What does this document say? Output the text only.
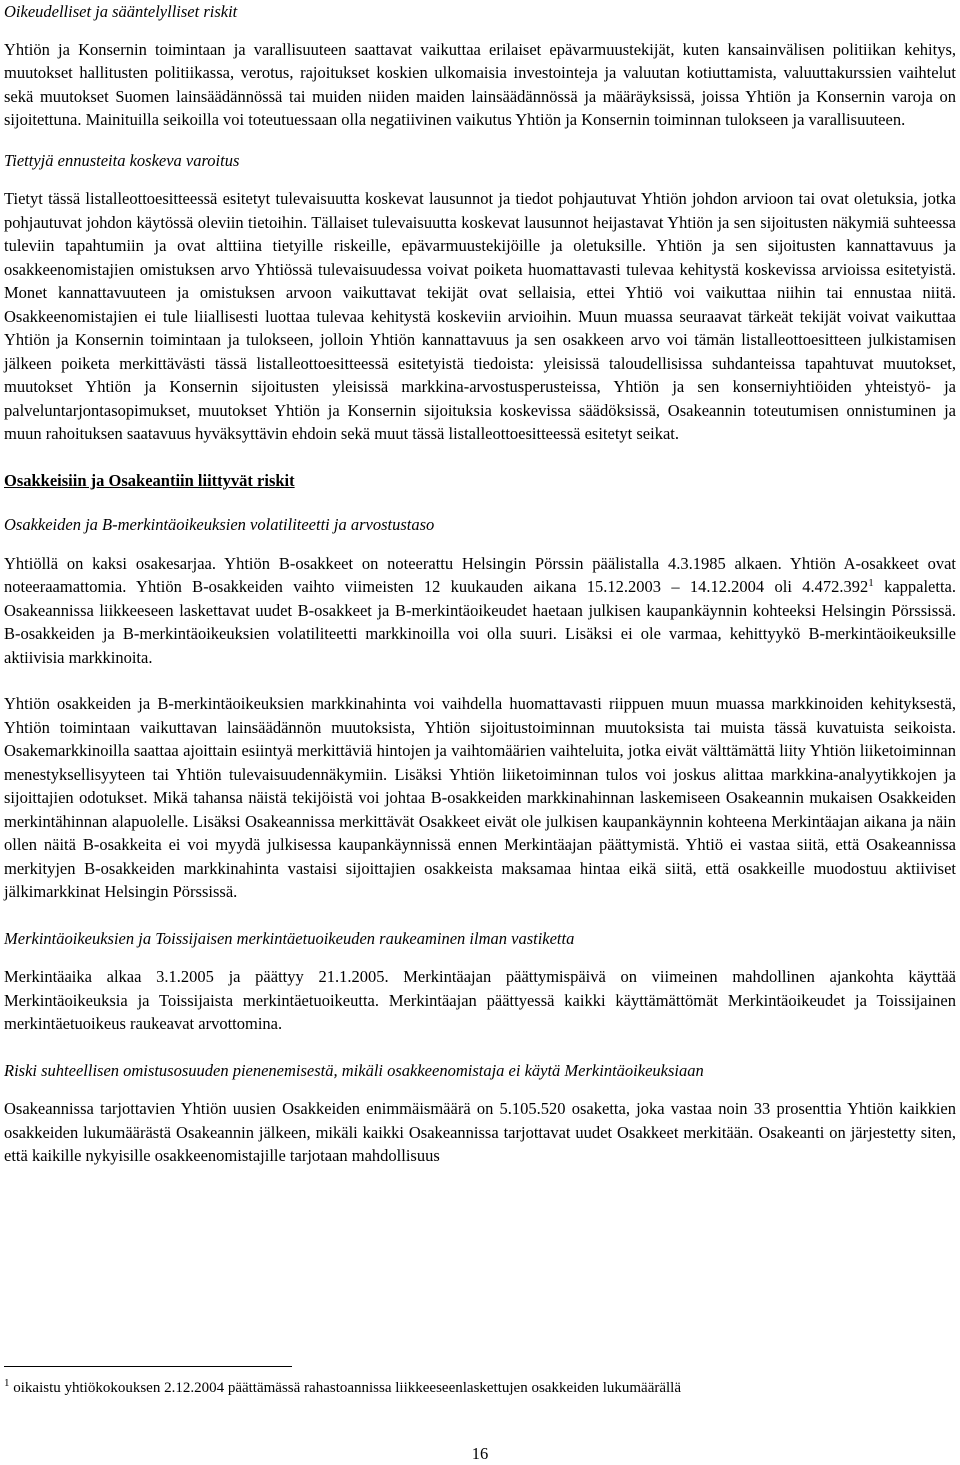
Oikeudelliset ja sääntelylliset riskit

Yhtiön ja Konsernin toimintaan ja varallisuuteen saattavat vaikuttaa erilaiset epävarmuustekijät, kuten kansainvälisen politiikan kehitys, muutokset hallitusten politiikassa, verotus, rajoitukset koskien ulkomaisia investointeja ja valuutan kotiuttamista, valuuttakurssien vaihtelut sekä muutokset Suomen lainsäädännössä tai muiden niiden maiden lainsäädännössä ja määräyksissä, joissa Yhtiön ja Konsernin varoja on sijoitettuna. Mainituilla seikoilla voi toteutuessaan olla negatiivinen vaikutus Yhtiön ja Konsernin toiminnan tulokseen ja varallisuuteen.

Tiettyjä ennusteita koskeva varoitus

Tietyt tässä listalleottoesitteessä esitetyt tulevaisuutta koskevat lausunnot ja tiedot pohjautuvat Yhtiön johdon arvioon tai ovat oletuksia, jotka pohjautuvat johdon käytössä oleviin tietoihin. Tällaiset tulevaisuutta koskevat lausunnot heijastavat Yhtiön ja sen sijoitusten näkymiä suhteessa tuleviin tapahtumiin ja ovat alttiina tietyille riskeille, epävarmuustekijöille ja oletuksille. Yhtiön ja sen sijoitusten kannattavuus ja osakkeenomistajien omistuksen arvo Yhtiössä tulevaisuudessa voivat poiketa huomattavasti tulevaa kehitystä koskevissa arvioissa esitetyistä. Monet kannattavuuteen ja omistuksen arvoon vaikuttavat tekijät ovat sellaisia, ettei Yhtiö voi vaikuttaa niihin tai ennustaa niitä. Osakkeenomistajien ei tule liiallisesti luottaa tulevaa kehitystä koskeviin arvioihin. Muun muassa seuraavat tärkeät tekijät voivat vaikuttaa Yhtiön ja Konsernin toimintaan ja tulokseen, jolloin Yhtiön kannattavuus ja sen osakkeen arvo voi tämän listalleottoesitteen julkistamisen jälkeen poiketa merkittävästi tässä listalleottoesitteessä esitetyistä tiedoista: yleisissä taloudellisissa suhdanteissa tapahtuvat muutokset, muutokset Yhtiön ja Konsernin sijoitusten yleisissä markkina-arvostusperusteissa, Yhtiön ja sen konserniyhtiöiden yhteistyö- ja palveluntarjontasopimukset, muutokset Yhtiön ja Konsernin sijoituksia koskevissa säädöksissä, Osakeannin toteutumisen onnistuminen ja muun rahoituksen saatavuus hyväksyttävin ehdoin sekä muut tässä listalleottoesitteessä esitetyt seikat.

Osakkeisiin ja Osakeantiin liittyvät riskit
Osakkeiden ja B-merkintäoikeuksien volatiliteetti ja arvostustaso

Yhtiöllä on kaksi osakesarjaa. Yhtiön B-osakkeet on noteerattu Helsingin Pörssin päälistalla 4.3.1985 alkaen. Yhtiön A-osakkeet ovat noteeraamattomia. Yhtiön B-osakkeiden vaihto viimeisten 12 kuukauden aikana 15.12.2003 – 14.12.2004 oli 4.472.392$^1$ kappaletta. Osakeannissa liikkeeseen laskettavat uudet B-osakkeet ja B-merkintäoikeudet haetaan julkisen kaupankäynnin kohteeksi Helsingin Pörssissä. B-osakkeiden ja B-merkintäoikeuksien volatiliteetti markkinoilla voi olla suuri. Lisäksi ei ole varmaa, kehittyykö B-merkintäoikeuksille aktiivisia markkinoita.

Yhtiön osakkeiden ja B-merkintäoikeuksien markkinahinta voi vaihdella huomattavasti riippuen muun muassa markkinoiden kehityksestä, Yhtiön toimintaan vaikuttavan lainsäädännön muutoksista, Yhtiön sijoitustoiminnan muutoksista tai muista tässä kuvatuista seikoista. Osakemarkkinoilla saattaa ajoittain esiintyä merkittäviä hintojen ja vaihtomäärien vaihteluita, jotka eivät välttämättä liity Yhtiön liiketoiminnan menestyksellisyyteen tai Yhtiön tulevaisuudennäkymiin. Lisäksi Yhtiön liiketoiminnan tulos voi joskus alittaa markkina-analyytikkojen ja sijoittajien odotukset. Mikä tahansa näistä tekijöistä voi johtaa B-osakkeiden markkinahinnan laskemiseen Osakeannin mukaisen Osakkeiden merkintähinnan alapuolelle. Lisäksi Osakeannissa merkittävät Osakkeet eivät ole julkisen kaupankäynnin kohteena Merkintäajan aikana ja näin ollen näitä B-osakkeita ei voi myydä julkisessa kaupankäynnissä ennen Merkintäajan päättymistä. Yhtiö ei vastaa siitä, että Osakeannissa merkityjen B-osakkeiden markkinahinta vastaisi sijoittajien osakkeista maksamaa hintaa eikä siitä, että osakkeille muodostuu aktiiviset jälkimarkkinat Helsingin Pörssissä.

Merkintäoikeuksien ja Toissijaisen merkintäetuoikeuden raukeaminen ilman vastiketta

Merkintäaika alkaa 3.1.2005 ja päättyy 21.1.2005. Merkintäajan päättymispäivä on viimeinen mahdollinen ajankohta käyttää Merkintäoikeuksia ja Toissijaista merkintäetuoikeutta. Merkintäajan päättyessä kaikki käyttämättömät Merkintäoikeudet ja Toissijainen merkintäetuoikeus raukeavat arvottomina.

Riski suhteellisen omistusosuuden pienenemisestä, mikäli osakkeenomistaja ei käytä Merkintäoikeuksiaan

Osakeannissa tarjottavien Yhtiön uusien Osakkeiden enimmäismäärä on 5.105.520 osaketta, joka vastaa noin 33 prosenttia Yhtiön kaikkien osakkeiden lukumäärästä Osakeannin jälkeen, mikäli kaikki Osakeannissa tarjottavat uudet Osakkeet merkitään. Osakeanti on järjestetty siten, että kaikille nykyisille osakkeenomistajille tarjotaan mahdollisuus

$^1$ oikaistu yhtiökokouksen 2.12.2004 päättämässä rahastoannissa liikkeeseenlaskettujen osakkeiden lukumäärällä

16
